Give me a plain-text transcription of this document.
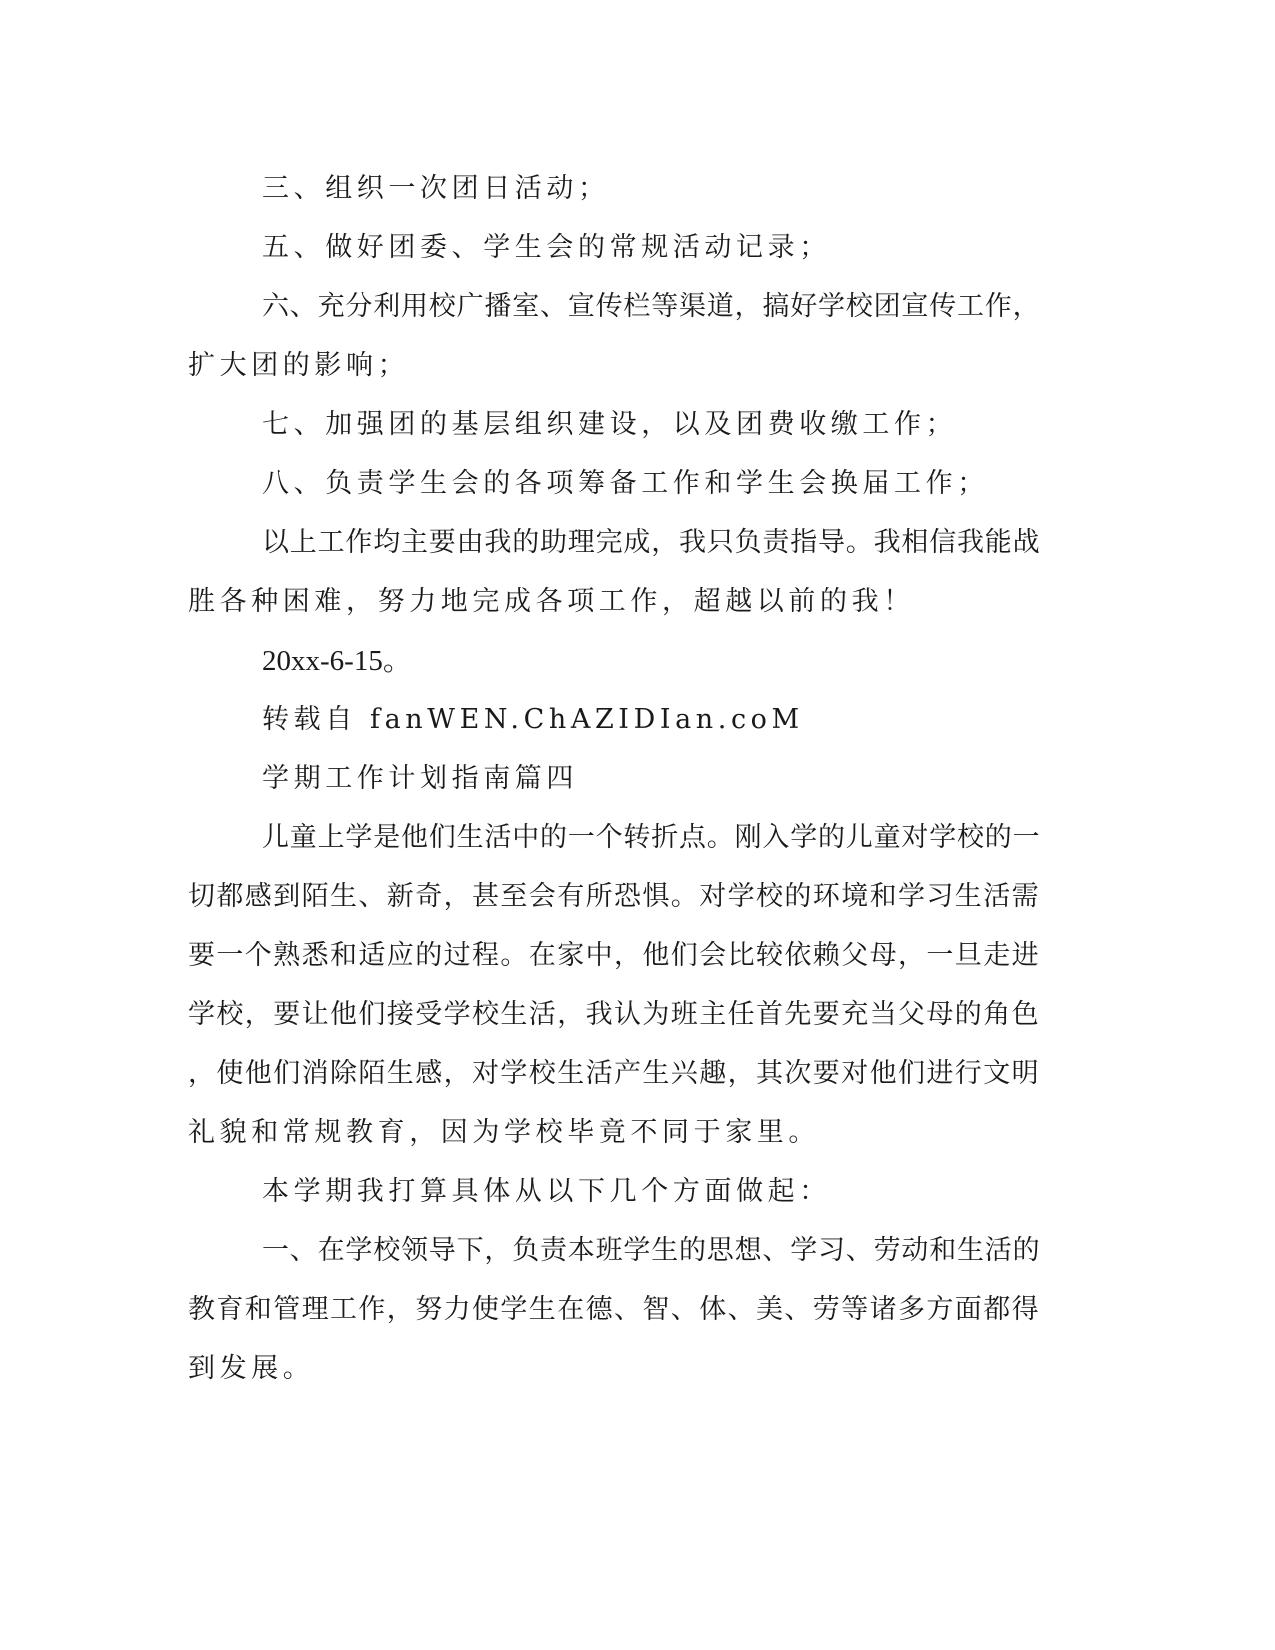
三、组织一次团日活动；

五、做好团委、学生会的常规活动记录；

六、充分利用校广播室、宣传栏等渠道，搞好学校团宣传工作，

扩大团的影响；

七、加强团的基层组织建设，以及团费收缴工作；

八、负责学生会的各项筹备工作和学生会换届工作；

以上工作均主要由我的助理完成，我只负责指导。我相信我能战

胜各种困难，努力地完成各项工作，超越以前的我！

20xx-6-15。

转载自 fanWEN.ChAZIDIan.coM

学期工作计划指南篇四

儿童上学是他们生活中的一个转折点。刚入学的儿童对学校的一

切都感到陌生、新奇，甚至会有所恐惧。对学校的环境和学习生活需

要一个熟悉和适应的过程。在家中，他们会比较依赖父母，一旦走进

学校，要让他们接受学校生活，我认为班主任首先要充当父母的角色

，使他们消除陌生感，对学校生活产生兴趣，其次要对他们进行文明

礼貌和常规教育，因为学校毕竟不同于家里。

本学期我打算具体从以下几个方面做起：

一、在学校领导下，负责本班学生的思想、学习、劳动和生活的

教育和管理工作，努力使学生在德、智、体、美、劳等诸多方面都得

到发展。
